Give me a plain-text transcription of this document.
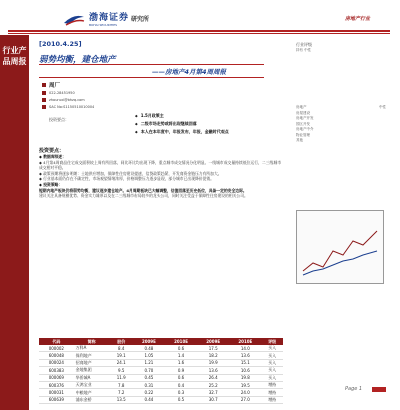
渤海证券
BOHAI SECURITIES
研究所	房地产行业
行业产品周报
[2010.4.25]
弱势均衡，建仓地产
——房地产4月第4周周报
周厂
022-28451950
zhouruxi@bhzq.com
SAC No:S1150510010004
投资要点：
◆ 1.5月政策主
◆ 二级市场走势或将出现继续回落
◆ 本人在本年度中，年报发布，年报，金融时代观点
行业评级
持有 中性
房地产	中性
房屋建设
房地产开发
园区开发
房地产中介
物业管理
其他
投资要点：
◆ 数据库综述：
◆ 4月第4周商品住宅成交面积较上周有所回落，同比环比均出现下降，重点城市成交情况分化明显。一线城市成交量持续低位运行，二三线城市成交相对平稳。
◆ 政策预期将逐步明朗：土地供应增加，保障性住房建设提速，信贷政策趋紧，开发商资金链压力有所加大。
◆ 行业基本面仍存在不确定性，市场观望情绪浓厚，价格调整压力逐步显现，部分城市已出现降价促销。
◆ 投资策略：
短期内地产板块仍将弱势均衡，建议逐步建仓地产。4月周期板块已大幅调整，估值回落至历史低位，具备一定的安全边际。
建议关注具备规模优势、资金实力雄厚以及在二三线城市布局较多的龙头公司，同时关注受益于保障性住房建设的相关公司。
代码	简称	股价	2009E	2010E	2009E	2010E	评级
000002	万科A	8.4	0.48	0.6	17.5	14.0	买入
600048	保利地产	19.1	1.05	1.4	18.2	13.6	买入
000024	招商地产	24.1	1.21	1.6	19.9	15.1	买入
600383	金地集团	9.5	0.70	0.9	13.6	10.6	买入
000069	华侨城A	11.9	0.45	0.6	26.4	19.8	买入
600376	天鸿宝业	7.8	0.31	0.4	25.2	19.5	增持
000031	中粮地产	7.2	0.22	0.3	32.7	24.0	增持
600639	浦东金桥	13.5	0.44	0.5	30.7	27.0	增持
Page 1
